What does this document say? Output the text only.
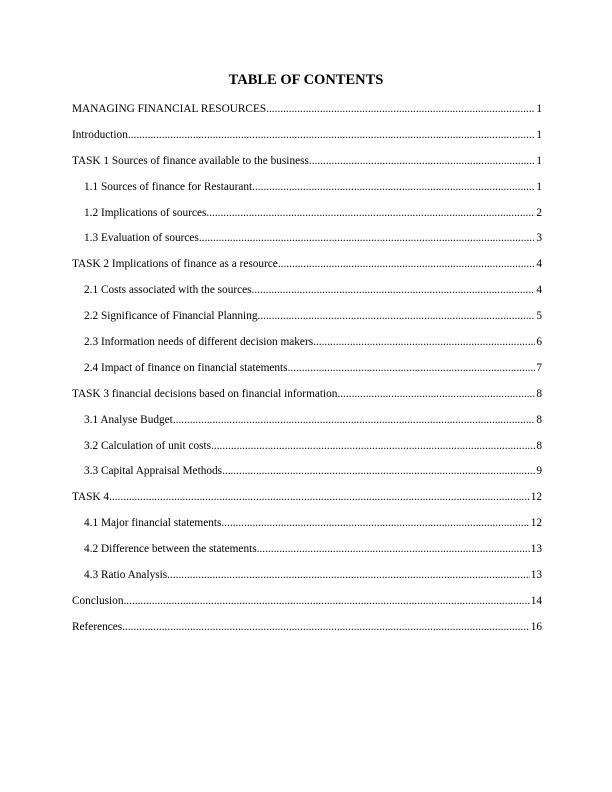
TABLE OF CONTENTS
MANAGING FINANCIAL RESOURCES .....	1
Introduction .....	1
TASK 1 Sources of finance available to the business .....	1
1.1 Sources of finance for Restaurant .....	1
1.2 Implications of sources .....	2
1.3 Evaluation of sources .....	3
TASK 2 Implications of finance as a resource .....	4
2.1 Costs associated with the sources .....	4
2.2 Significance of Financial Planning .....	5
2.3 Information needs of different decision makers .....	6
2.4 Impact of finance on financial statements .....	7
TASK 3 financial decisions based on financial information .....	8
3.1 Analyse Budget .....	8
3.2 Calculation of unit costs .....	8
3.3 Capital Appraisal Methods .....	9
TASK 4 .....	12
4.1 Major financial statements .....	12
4.2 Difference between the statements .....	13
4.3 Ratio Analysis .....	13
Conclusion .....	14
References .....	16
